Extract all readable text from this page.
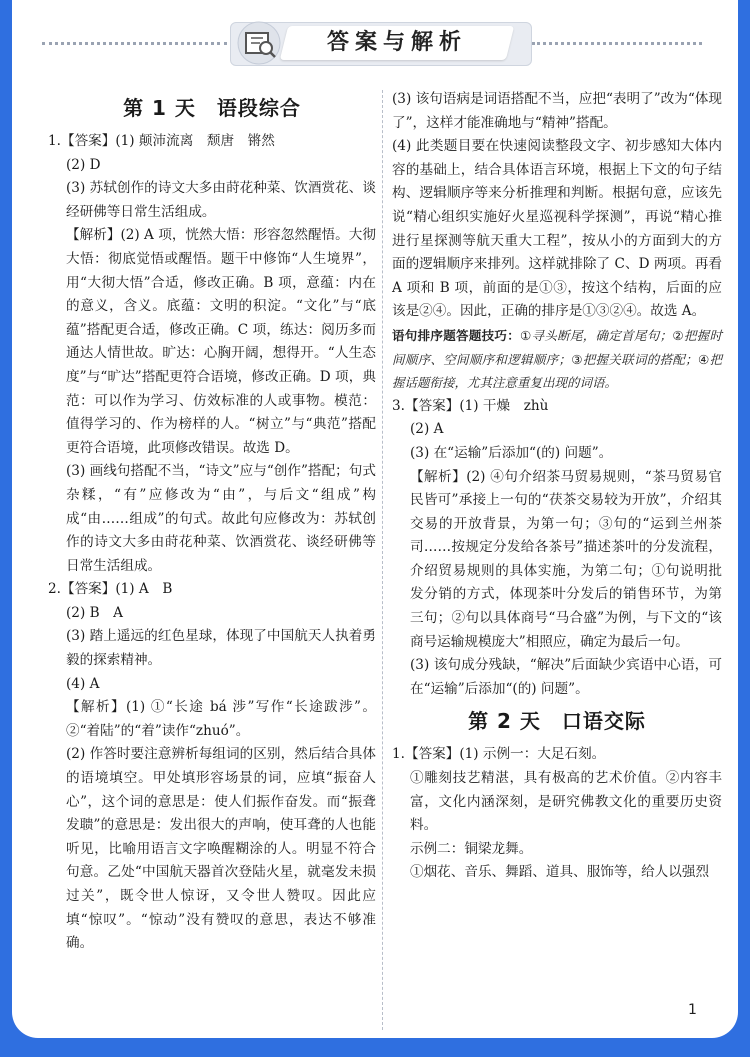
答案与解析
第 1 天　语段综合

1.【答案】(1) 颠沛流离　颓唐　锵然

(2) D

(3) 苏轼创作的诗文大多由莳花种菜、饮酒赏花、谈经研佛等日常生活组成。

【解析】(2) A 项，恍然大悟：形容忽然醒悟。大彻大悟：彻底觉悟或醒悟。题干中修饰“人生境界”，用“大彻大悟”合适，修改正确。B 项，意蕴：内在的意义，含义。底蕴：文明的积淀。“文化”与“底蕴”搭配更合适，修改正确。C 项，练达：阅历多而通达人情世故。旷达：心胸开阔，想得开。“人生态度”与“旷达”搭配更符合语境，修改正确。D 项，典范：可以作为学习、仿效标准的人或事物。模范：值得学习的、作为榜样的人。“树立”与“典范”搭配更符合语境，此项修改错误。故选 D。

(3) 画线句搭配不当，“诗文”应与“创作”搭配；句式杂糅，“有”应修改为“由”，与后文“组成”构成“由……组成”的句式。故此句应修改为：苏轼创作的诗文大多由莳花种菜、饮酒赏花、谈经研佛等日常生活组成。

2.【答案】(1) A　B

(2) B　A

(3) 踏上遥远的红色星球，体现了中国航天人执着勇毅的探索精神。

(4) A

【解析】(1) ①“长途 bá 涉”写作“长途跋涉”。②“着陆”的“着”读作“zhuó”。

(2) 作答时要注意辨析每组词的区别，然后结合具体的语境填空。甲处填形容场景的词，应填“振奋人心”，这个词的意思是：使人们振作奋发。而“振聋发聩”的意思是：发出很大的声响，使耳聋的人也能听见，比喻用语言文字唤醒糊涂的人。明显不符合句意。乙处“中国航天器首次登陆火星，就毫发未损过关”，既令世人惊讶，又令世人赞叹。因此应填“惊叹”。“惊动”没有赞叹的意思，表达不够准确。

(3) 该句语病是词语搭配不当，应把“表明了”改为“体现了”，这样才能准确地与“精神”搭配。

(4) 此类题目要在快速阅读整段文字、初步感知大体内容的基础上，结合具体语言环境，根据上下文的句子结构、逻辑顺序等来分析推理和判断。根据句意，应该先说“精心组织实施好火星巡视科学探测”，再说“精心推进行星探测等航天重大工程”，按从小的方面到大的方面的逻辑顺序来排列。这样就排除了 C、D 两项。再看 A 项和 B 项，前面的是①③，按这个结构，后面的应该是②④。因此，正确的排序是①③②④。故选 A。

语句排序题答题技巧：①寻头断尾，确定首尾句；②把握时间顺序、空间顺序和逻辑顺序；③把握关联词的搭配；④把握话题衔接，尤其注意重复出现的词语。

3.【答案】(1) 干燥　zhù

(2) A

(3) 在“运输”后添加“(的) 问题”。

【解析】(2) ④句介绍茶马贸易规则，“茶马贸易官民皆可”承接上一句的“茯茶交易较为开放”，介绍其交易的开放背景，为第一句；③句的“运到兰州茶司……按规定分发给各茶号”描述茶叶的分发流程，介绍贸易规则的具体实施，为第二句；①句说明批发分销的方式，体现茶叶分发后的销售环节，为第三句；②句以具体商号“马合盛”为例，与下文的“该商号运输规模庞大”相照应，确定为最后一句。

(3) 该句成分残缺，“解决”后面缺少宾语中心语，可在“运输”后添加“(的) 问题”。

第 2 天　口语交际

1.【答案】(1) 示例一：大足石刻。

①雕刻技艺精湛，具有极高的艺术价值。②内容丰富，文化内涵深刻，是研究佛教文化的重要历史资料。

示例二：铜梁龙舞。

①烟花、音乐、舞蹈、道具、服饰等，给人以强烈

1
